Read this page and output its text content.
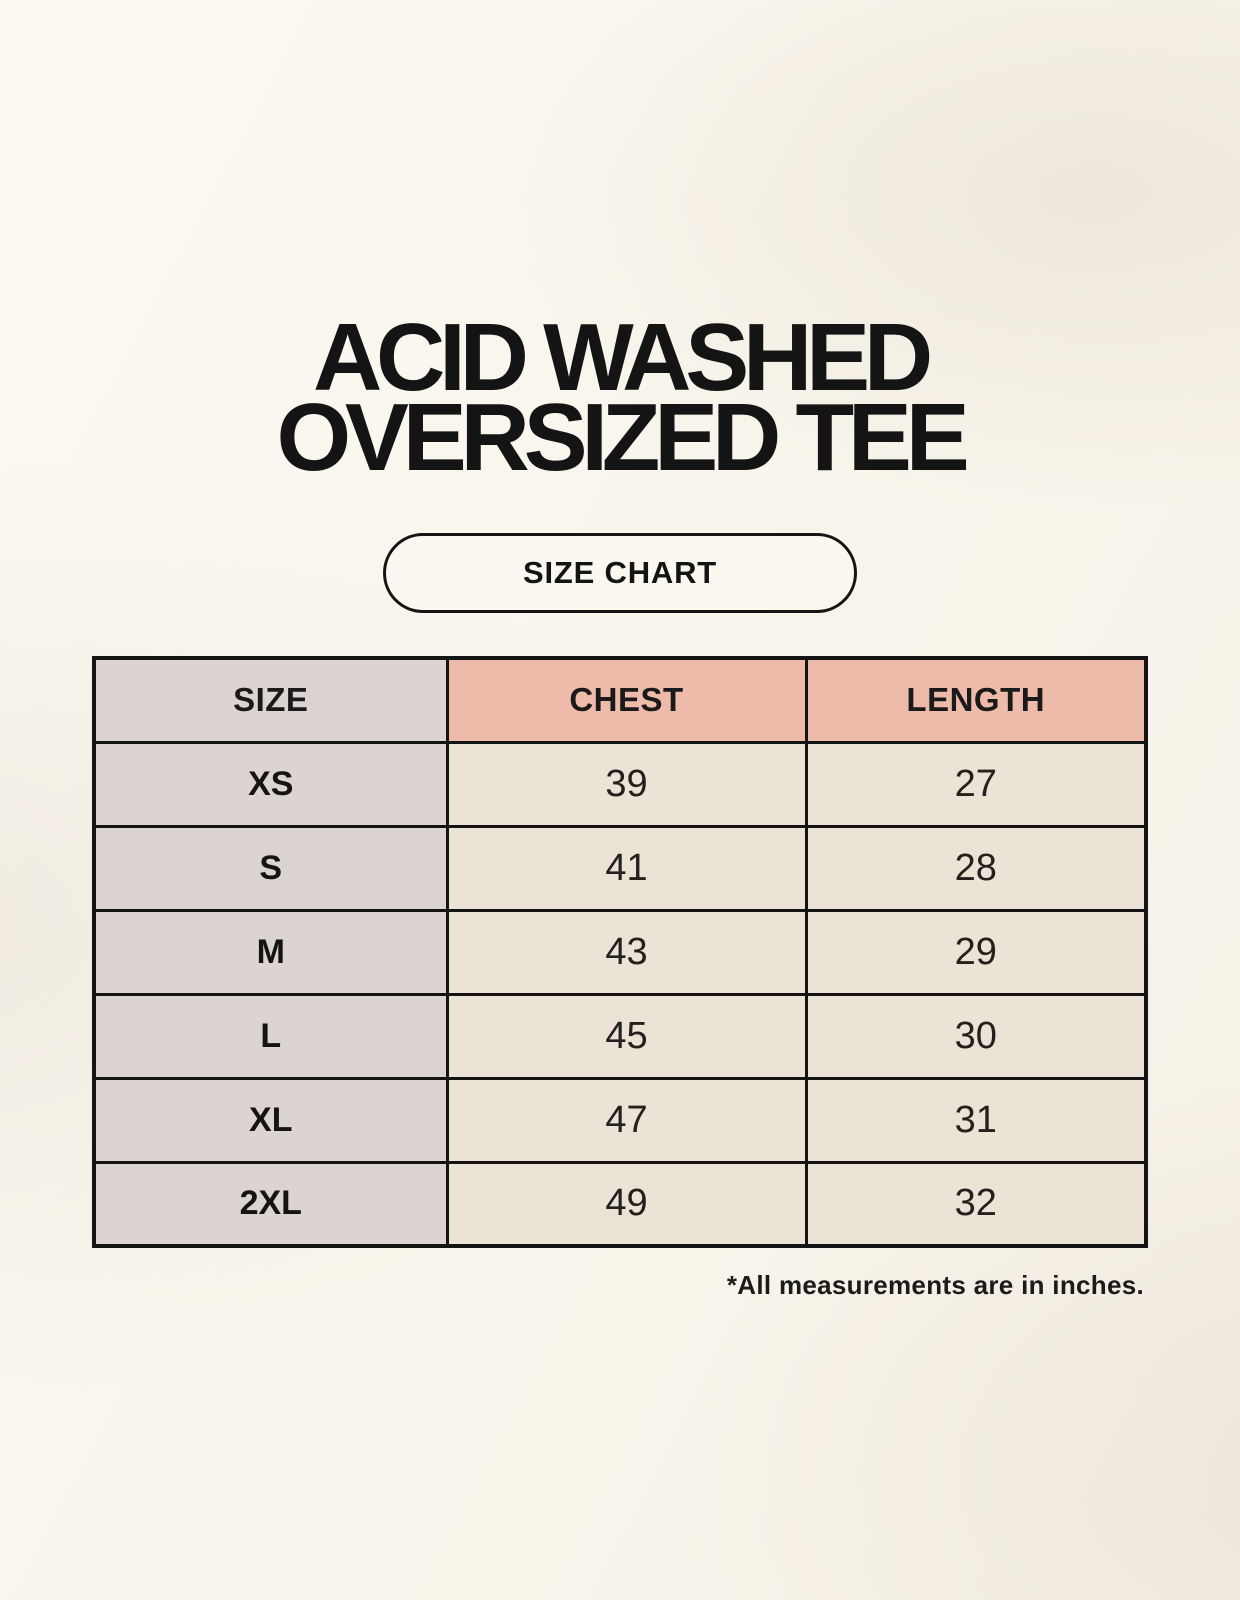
ACID WASHED
OVERSIZED TEE
SIZE CHART
SIZE	CHEST	LENGTH
XS	39	27
S	41	28
M	43	29
L	45	30
XL	47	31
2XL	49	32
*All measurements are in inches.
